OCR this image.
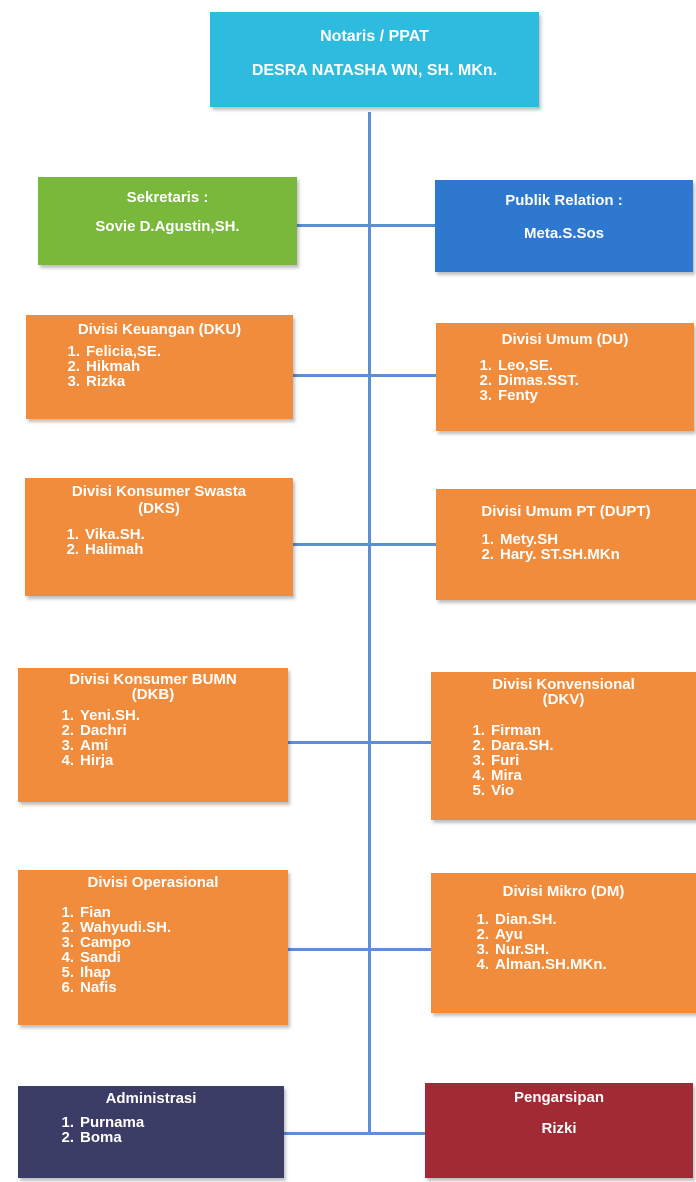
Notaris / PPAT
DESRA NATASHA WN, SH. MKn.
Sekretaris :
Sovie D.Agustin,SH.
Publik Relation :
Meta.S.Sos
Divisi Keuangan (DKU)
1. Felicia,SE.
2. Hikmah
3. Rizka
Divisi Umum (DU)
1. Leo,SE.
2. Dimas.SST.
3. Fenty
Divisi Konsumer Swasta
(DKS)
1. Vika.SH.
2. Halimah
Divisi Umum PT (DUPT)
1. Mety.SH
2. Hary. ST.SH.MKn
Divisi Konsumer BUMN
(DKB)
1. Yeni.SH.
2. Dachri
3. Ami
4. Hirja
Divisi Konvensional
(DKV)
1. Firman
2. Dara.SH.
3. Furi
4. Mira
5. Vio
Divisi Operasional
1. Fian
2. Wahyudi.SH.
3. Campo
4. Sandi
5. Ihap
6. Nafis
Divisi Mikro (DM)
1. Dian.SH.
2. Ayu
3. Nur.SH.
4. Alman.SH.MKn.
Administrasi
1. Purnama
2. Boma
Pengarsipan
Rizki
